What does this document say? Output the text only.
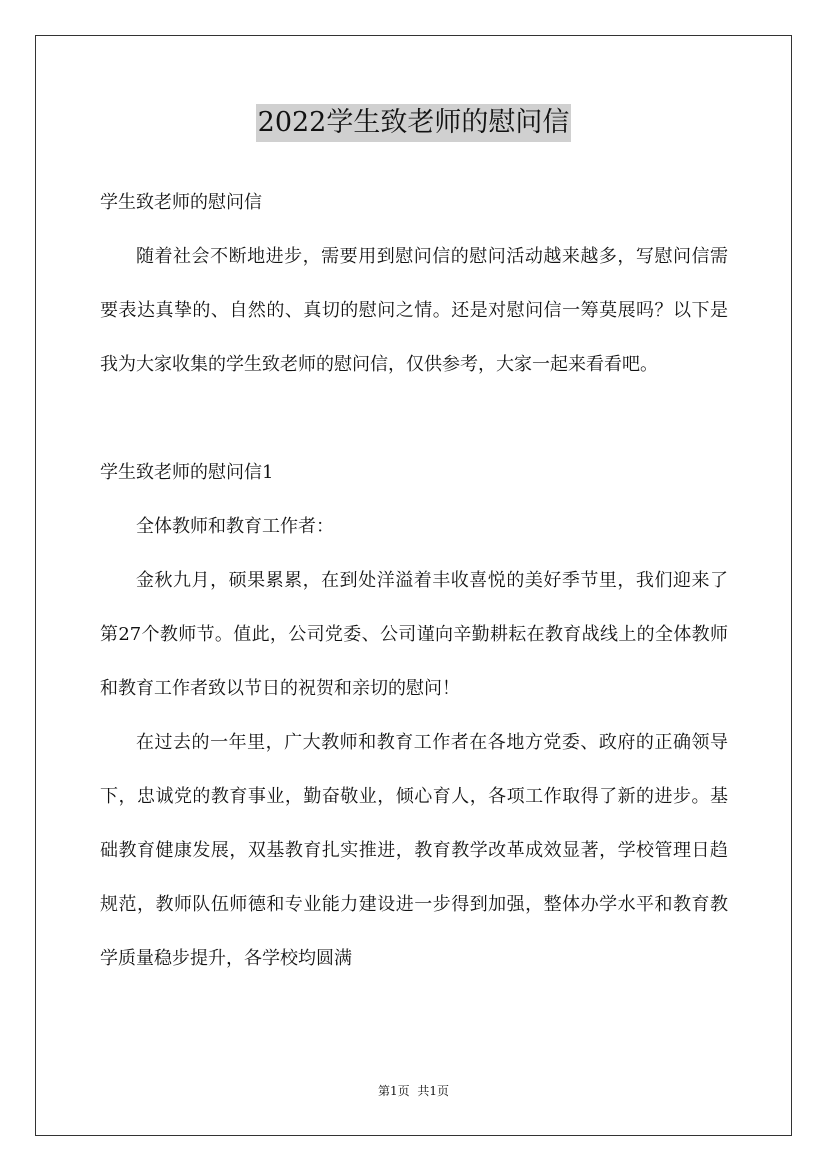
2022学生致老师的慰问信

学生致老师的慰问信

随着社会不断地进步，需要用到慰问信的慰问活动越来越多，写慰问信需要表达真挚的、自然的、真切的慰问之情。还是对慰问信一筹莫展吗？以下是我为大家收集的学生致老师的慰问信，仅供参考，大家一起来看看吧。

学生致老师的慰问信1

全体教师和教育工作者：

金秋九月，硕果累累，在到处洋溢着丰收喜悦的美好季节里，我们迎来了第27个教师节。值此，公司党委、公司谨向辛勤耕耘在教育战线上的全体教师和教育工作者致以节日的祝贺和亲切的慰问！

在过去的一年里，广大教师和教育工作者在各地方党委、政府的正确领导下，忠诚党的教育事业，勤奋敬业，倾心育人，各项工作取得了新的进步。基础教育健康发展，双基教育扎实推进，教育教学改革成效显著，学校管理日趋规范，教师队伍师德和专业能力建设进一步得到加强，整体办学水平和教育教学质量稳步提升，各学校均圆满

第1页 共1页
